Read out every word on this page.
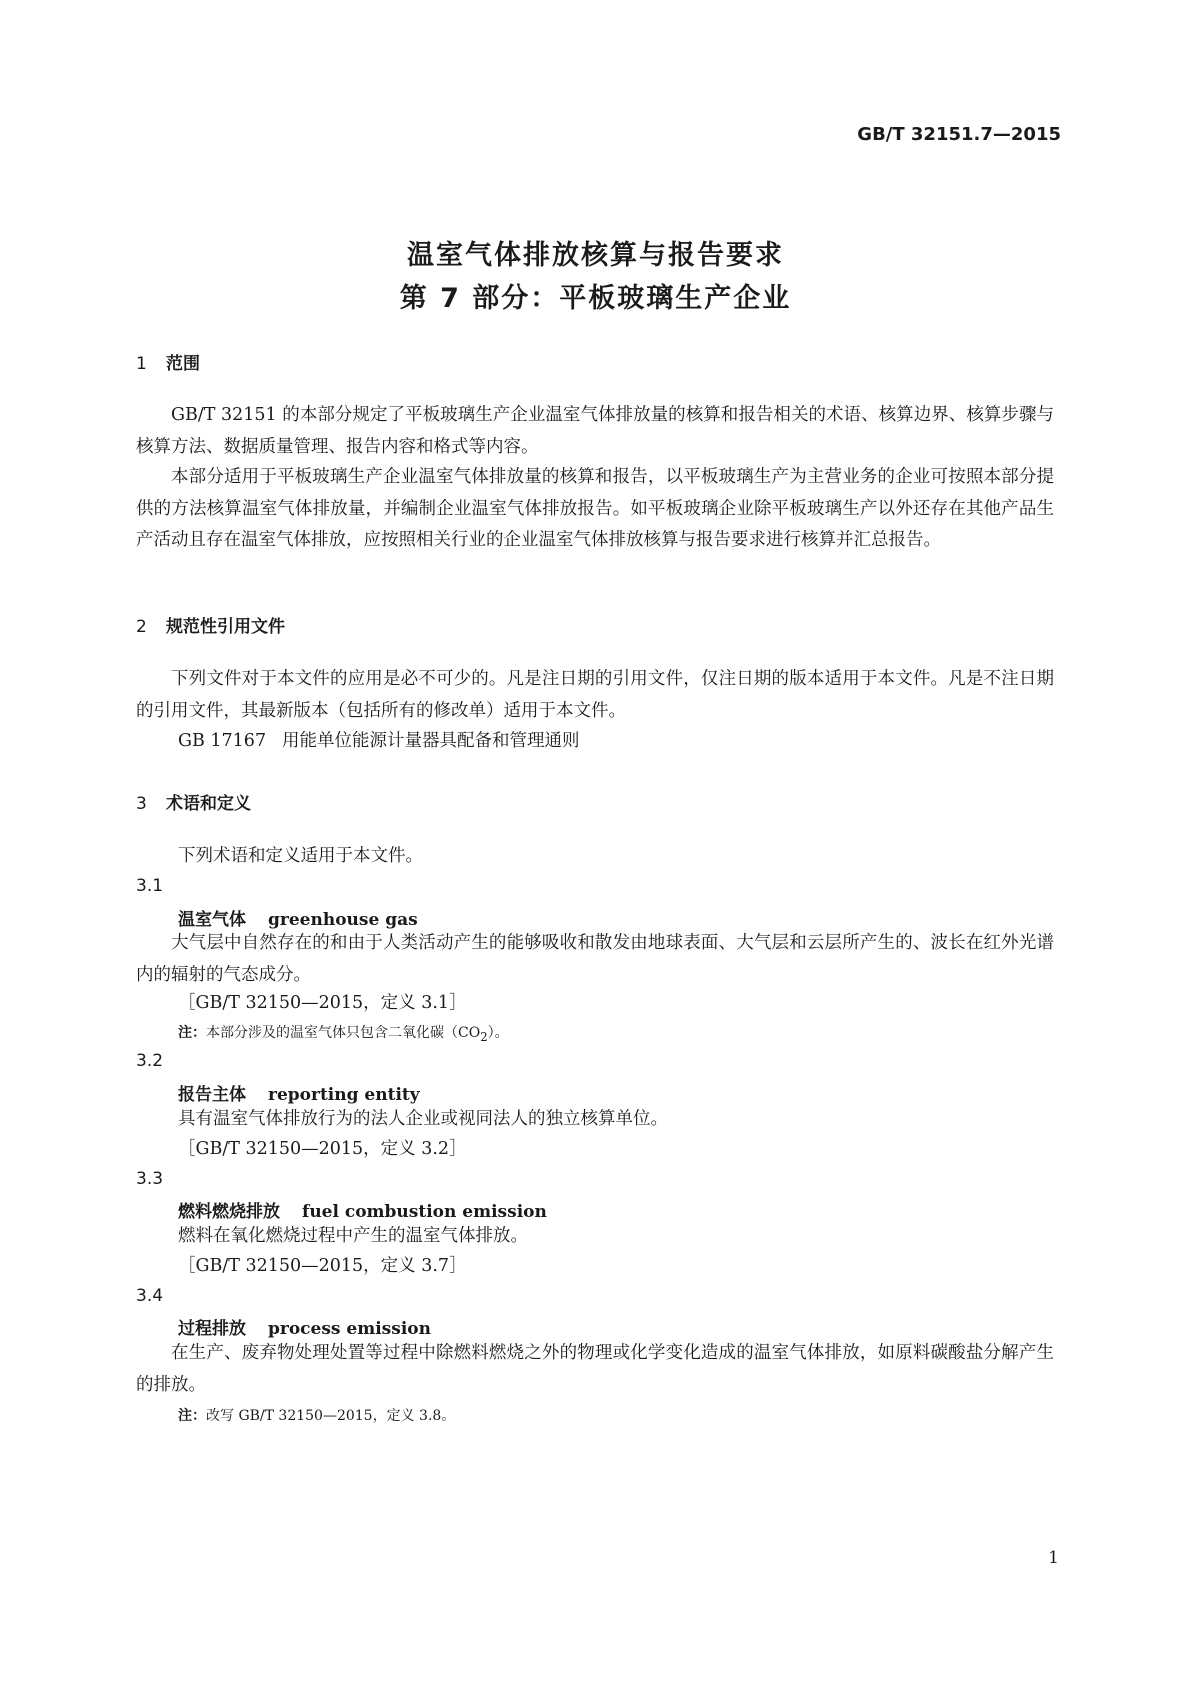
GB/T 32151.7—2015
温室气体排放核算与报告要求
第 7 部分：平板玻璃生产企业
1 范围
GB/T 32151 的本部分规定了平板玻璃生产企业温室气体排放量的核算和报告相关的术语、核算边界、核算步骤与核算方法、数据质量管理、报告内容和格式等内容。
本部分适用于平板玻璃生产企业温室气体排放量的核算和报告，以平板玻璃生产为主营业务的企业可按照本部分提供的方法核算温室气体排放量，并编制企业温室气体排放报告。如平板玻璃企业除平板玻璃生产以外还存在其他产品生产活动且存在温室气体排放，应按照相关行业的企业温室气体排放核算与报告要求进行核算并汇总报告。
2 规范性引用文件
下列文件对于本文件的应用是必不可少的。凡是注日期的引用文件，仅注日期的版本适用于本文件。凡是不注日期的引用文件，其最新版本（包括所有的修改单）适用于本文件。
GB 17167 用能单位能源计量器具配备和管理通则
3 术语和定义
下列术语和定义适用于本文件。
3.1
温室气体 greenhouse gas
大气层中自然存在的和由于人类活动产生的能够吸收和散发由地球表面、大气层和云层所产生的、波长在红外光谱内的辐射的气态成分。
［GB/T 32150—2015，定义 3.1］
注：本部分涉及的温室气体只包含二氧化碳$(CO_2)$。
3.2
报告主体 reporting entity
具有温室气体排放行为的法人企业或视同法人的独立核算单位。
［GB/T 32150—2015，定义 3.2］
3.3
燃料燃烧排放 fuel combustion emission
燃料在氧化燃烧过程中产生的温室气体排放。
［GB/T 32150—2015，定义 3.7］
3.4
过程排放 process emission
在生产、废弃物处理处置等过程中除燃料燃烧之外的物理或化学变化造成的温室气体排放，如原料碳酸盐分解产生的排放。
注：改写 GB/T 32150—2015，定义 3.8。
1
